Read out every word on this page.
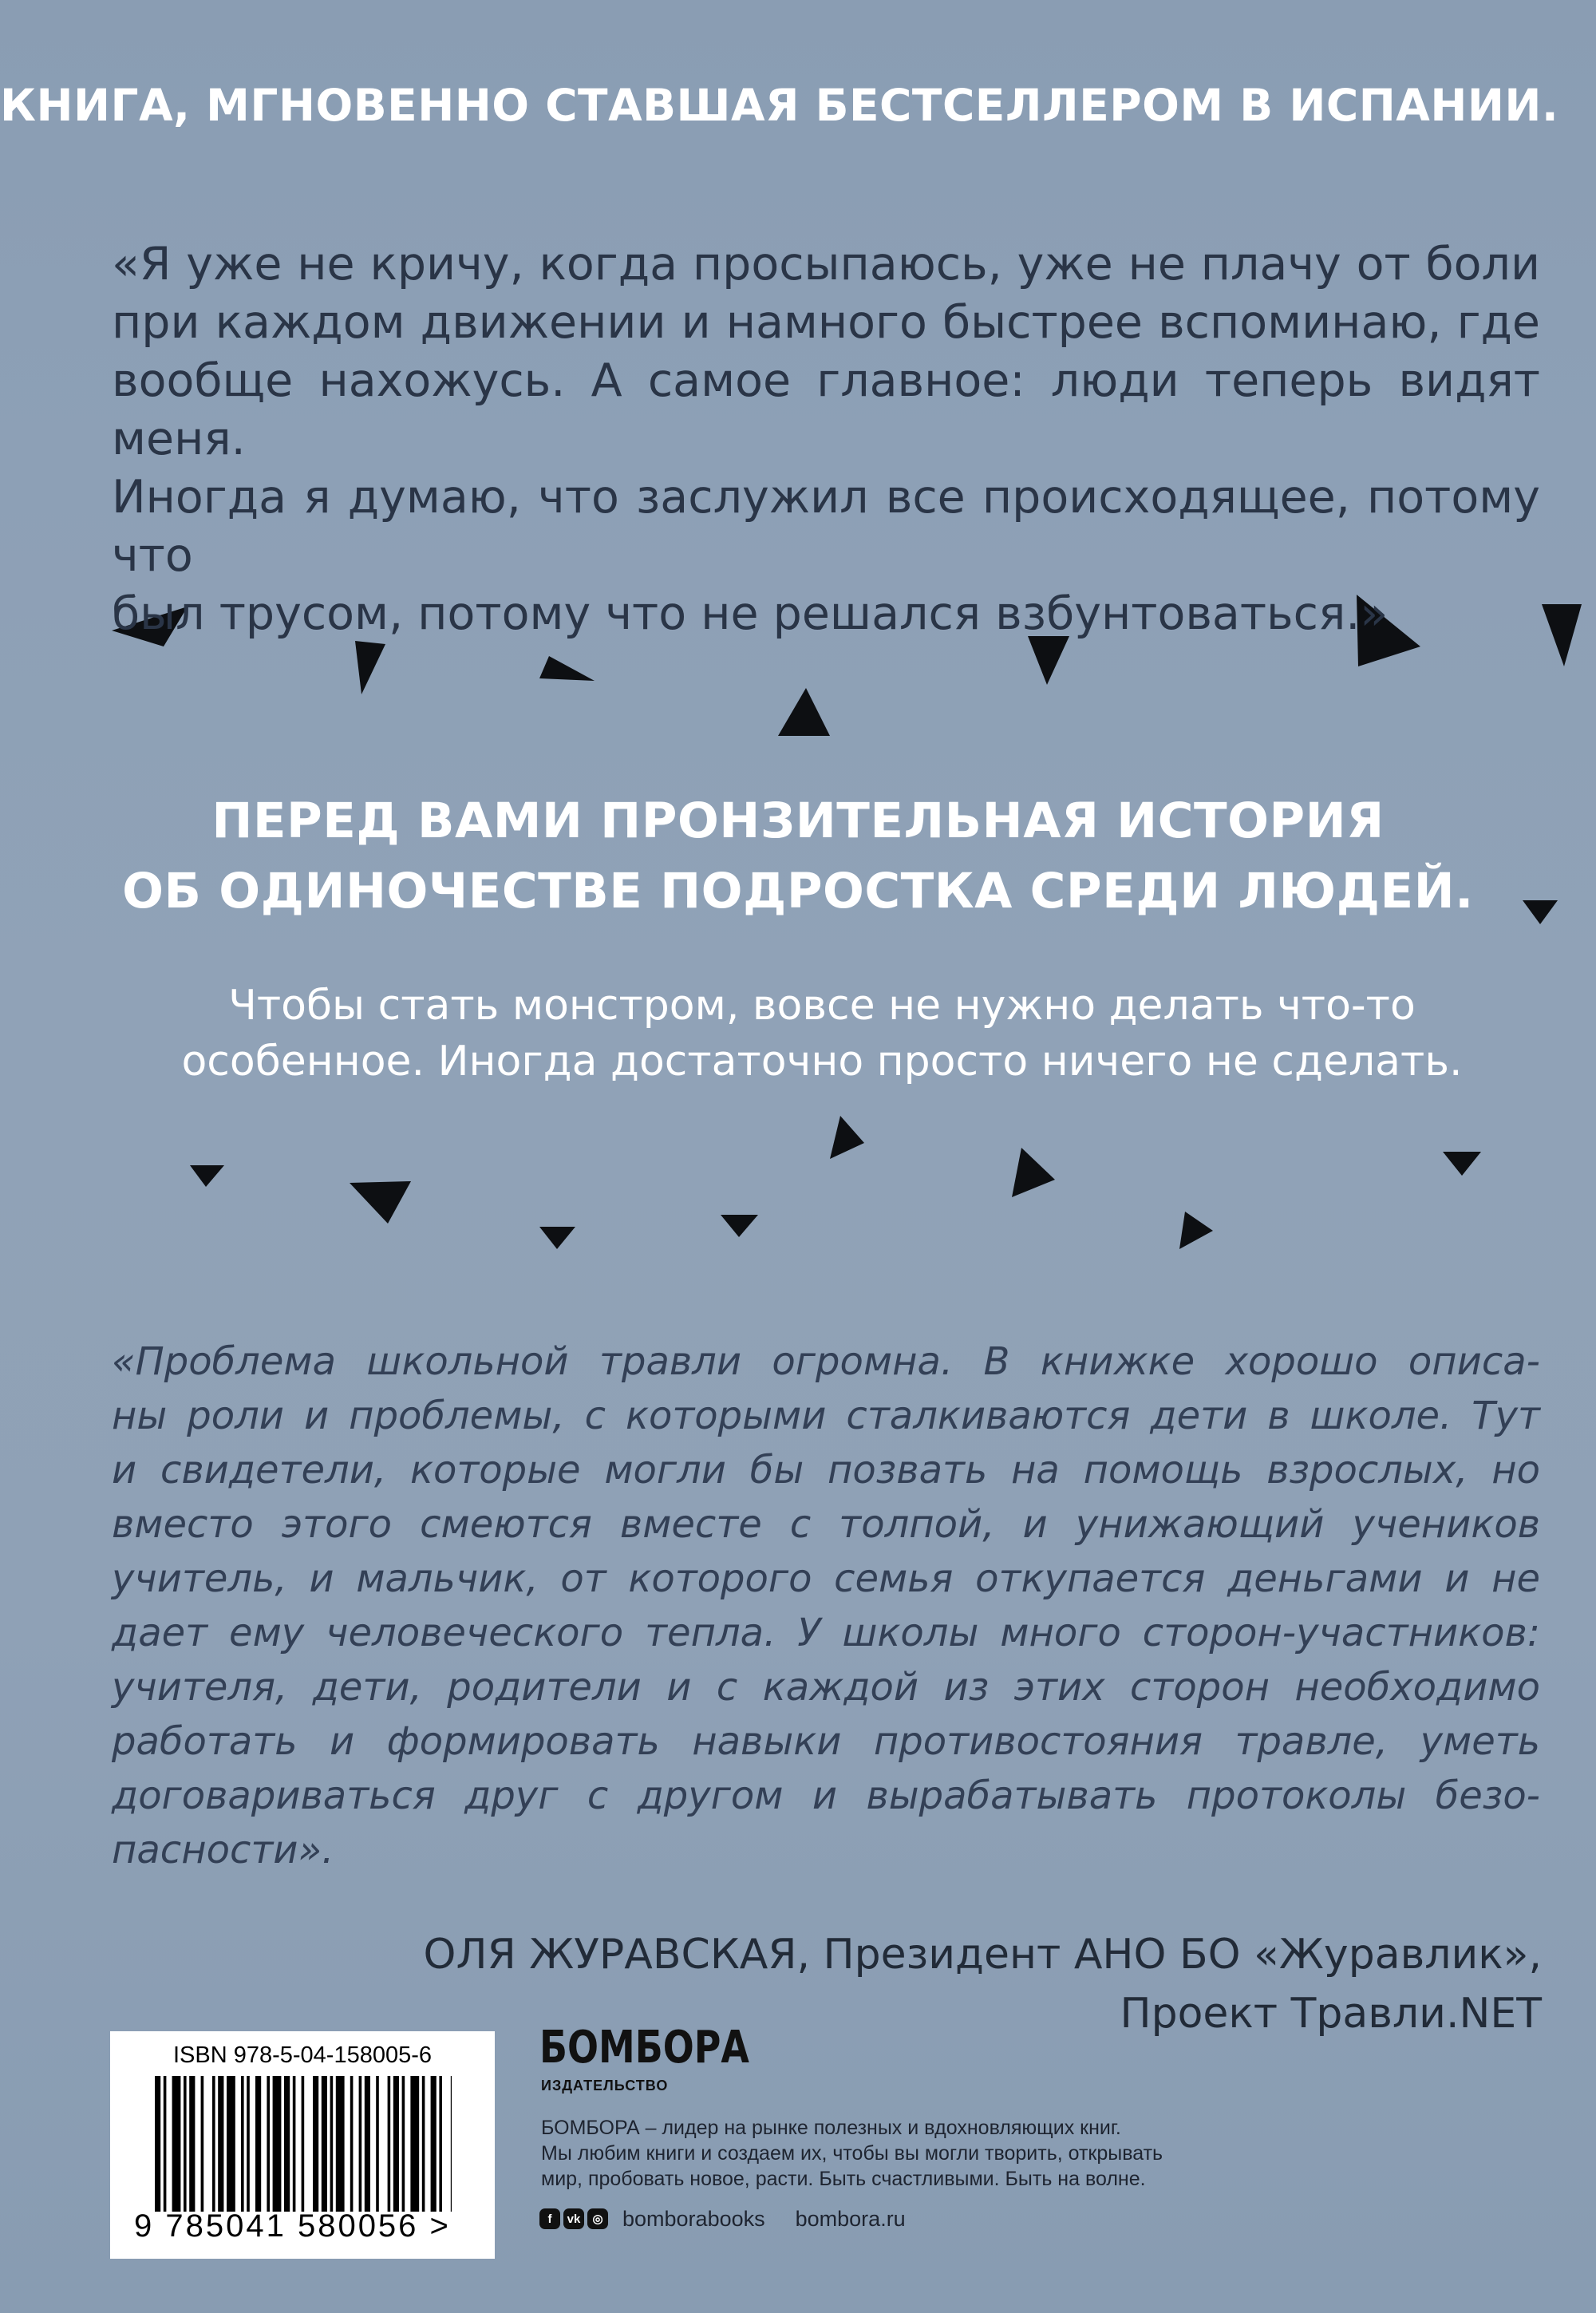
КНИГА, МГНОВЕННО СТАВШАЯ БЕСТСЕЛЛЕРОМ В ИСПАНИИ.

«Я уже не кричу, когда просыпаюсь, уже не плачу от боли
при каждом движении и намного быстрее вспоминаю, где
вообще нахожусь. А самое главное: люди теперь видят меня.
Иногда я думаю, что заслужил все происходящее, потому что
был трусом, потому что не решался взбунтоваться.»

ПЕРЕД ВАМИ ПРОНЗИТЕЛЬНАЯ ИСТОРИЯ
ОБ ОДИНОЧЕСТВЕ ПОДРОСТКА СРЕДИ ЛЮДЕЙ.

Чтобы стать монстром, вовсе не нужно делать что-то
особенное. Иногда достаточно просто ничего не сделать.

«Проблема школьной травли огромна. В книжке хорошо описа-
ны роли и проблемы, с которыми сталкиваются дети в школе. Тут
и свидетели, которые могли бы позвать на помощь взрослых, но
вместо этого смеются вместе с толпой, и унижающий учеников
учитель, и мальчик, от которого семья откупается деньгами и не
дает ему человеческого тепла. У школы много сторон-участников:
учителя, дети, родители и с каждой из этих сторон необходимо
работать и формировать навыки противостояния травле, уметь
договариваться друг с другом и вырабатывать протоколы безо-
пасности».

ОЛЯ ЖУРАВСКАЯ, Президент АНО БО «Журавлик»,
Проект Травли.NET

ISBN 978-5-04-158005-6
9 785041 580056 >
БОМБОРА
ИЗДАТЕЛЬСТВО

БОМБОРА – лидер на рынке полезных и вдохновляющих книг.
Мы любим книги и создаем их, чтобы вы могли творить, открывать
мир, пробовать новое, расти. Быть счастливыми. Быть на волне.

f	vk	◎ bomborabooks bombora.ru
